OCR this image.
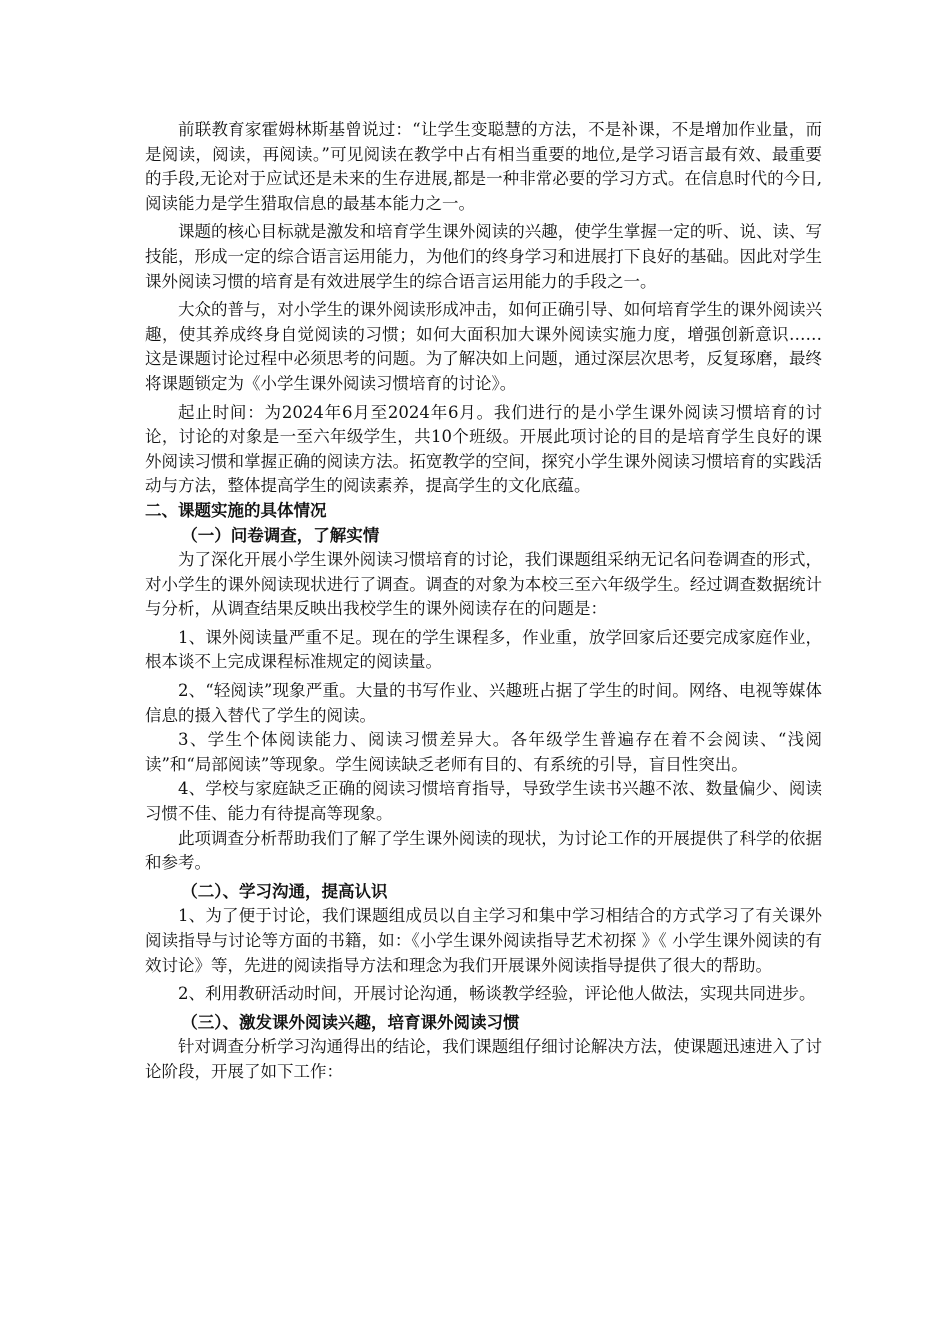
前联教育家霍姆林斯基曾说过：“让学生变聪慧的方法，不是补课，不是增加作业量，而是阅读，阅读，再阅读。”可见阅读在教学中占有相当重要的地位,是学习语言最有效、最重要的手段,无论对于应试还是未来的生存进展,都是一种非常必要的学习方式。在信息时代的今日,阅读能力是学生猎取信息的最基本能力之一。

课题的核心目标就是激发和培育学生课外阅读的兴趣，使学生掌握一定的听、说、读、写技能，形成一定的综合语言运用能力，为他们的终身学习和进展打下良好的基础。因此对学生课外阅读习惯的培育是有效进展学生的综合语言运用能力的手段之一。

大众的普与，对小学生的课外阅读形成冲击，如何正确引导、如何培育学生的课外阅读兴趣，使其养成终身自觉阅读的习惯；如何大面积加大课外阅读实施力度，增强创新意识…… 这是课题讨论过程中必须思考的问题。为了解决如上问题，通过深层次思考，反复琢磨，最终将课题锁定为《小学生课外阅读习惯培育的讨论》。

起止时间：为2024年6月至2024年6月。我们进行的是小学生课外阅读习惯培育的讨论，讨论的对象是一至六年级学生，共10个班级。开展此项讨论的目的是培育学生良好的课外阅读习惯和掌握正确的阅读方法。拓宽教学的空间，探究小学生课外阅读习惯培育的实践活动与方法，整体提高学生的阅读素养，提高学生的文化底蕴。

二、课题实施的具体情况

（一）问卷调查，了解实情

为了深化开展小学生课外阅读习惯培育的讨论，我们课题组采纳无记名问卷调查的形式，对小学生的课外阅读现状进行了调查。调查的对象为本校三至六年级学生。经过调查数据统计与分析，从调查结果反映出我校学生的课外阅读存在的问题是：

1、课外阅读量严重不足。现在的学生课程多，作业重，放学回家后还要完成家庭作业，根本谈不上完成课程标准规定的阅读量。

2、“轻阅读”现象严重。大量的书写作业、兴趣班占据了学生的时间。网络、电视等媒体信息的摄入替代了学生的阅读。

3、学生个体阅读能力、阅读习惯差异大。各年级学生普遍存在着不会阅读、“浅阅读”和“局部阅读”等现象。学生阅读缺乏老师有目的、有系统的引导，盲目性突出。

4、学校与家庭缺乏正确的阅读习惯培育指导，导致学生读书兴趣不浓、数量偏少、阅读习惯不佳、能力有待提高等现象。

此项调查分析帮助我们了解了学生课外阅读的现状，为讨论工作的开展提供了科学的依据和参考。

（二）、学习沟通，提高认识

1、为了便于讨论，我们课题组成员以自主学习和集中学习相结合的方式学习了有关课外阅读指导与讨论等方面的书籍，如：《小学生课外阅读指导艺术初探 》《 小学生课外阅读的有效讨论》等，先进的阅读指导方法和理念为我们开展课外阅读指导提供了很大的帮助。

2、利用教研活动时间，开展讨论沟通，畅谈教学经验，评论他人做法，实现共同进步。

（三）、激发课外阅读兴趣，培育课外阅读习惯

针对调查分析学习沟通得出的结论，我们课题组仔细讨论解决方法，使课题迅速进入了讨论阶段，开展了如下工作：
